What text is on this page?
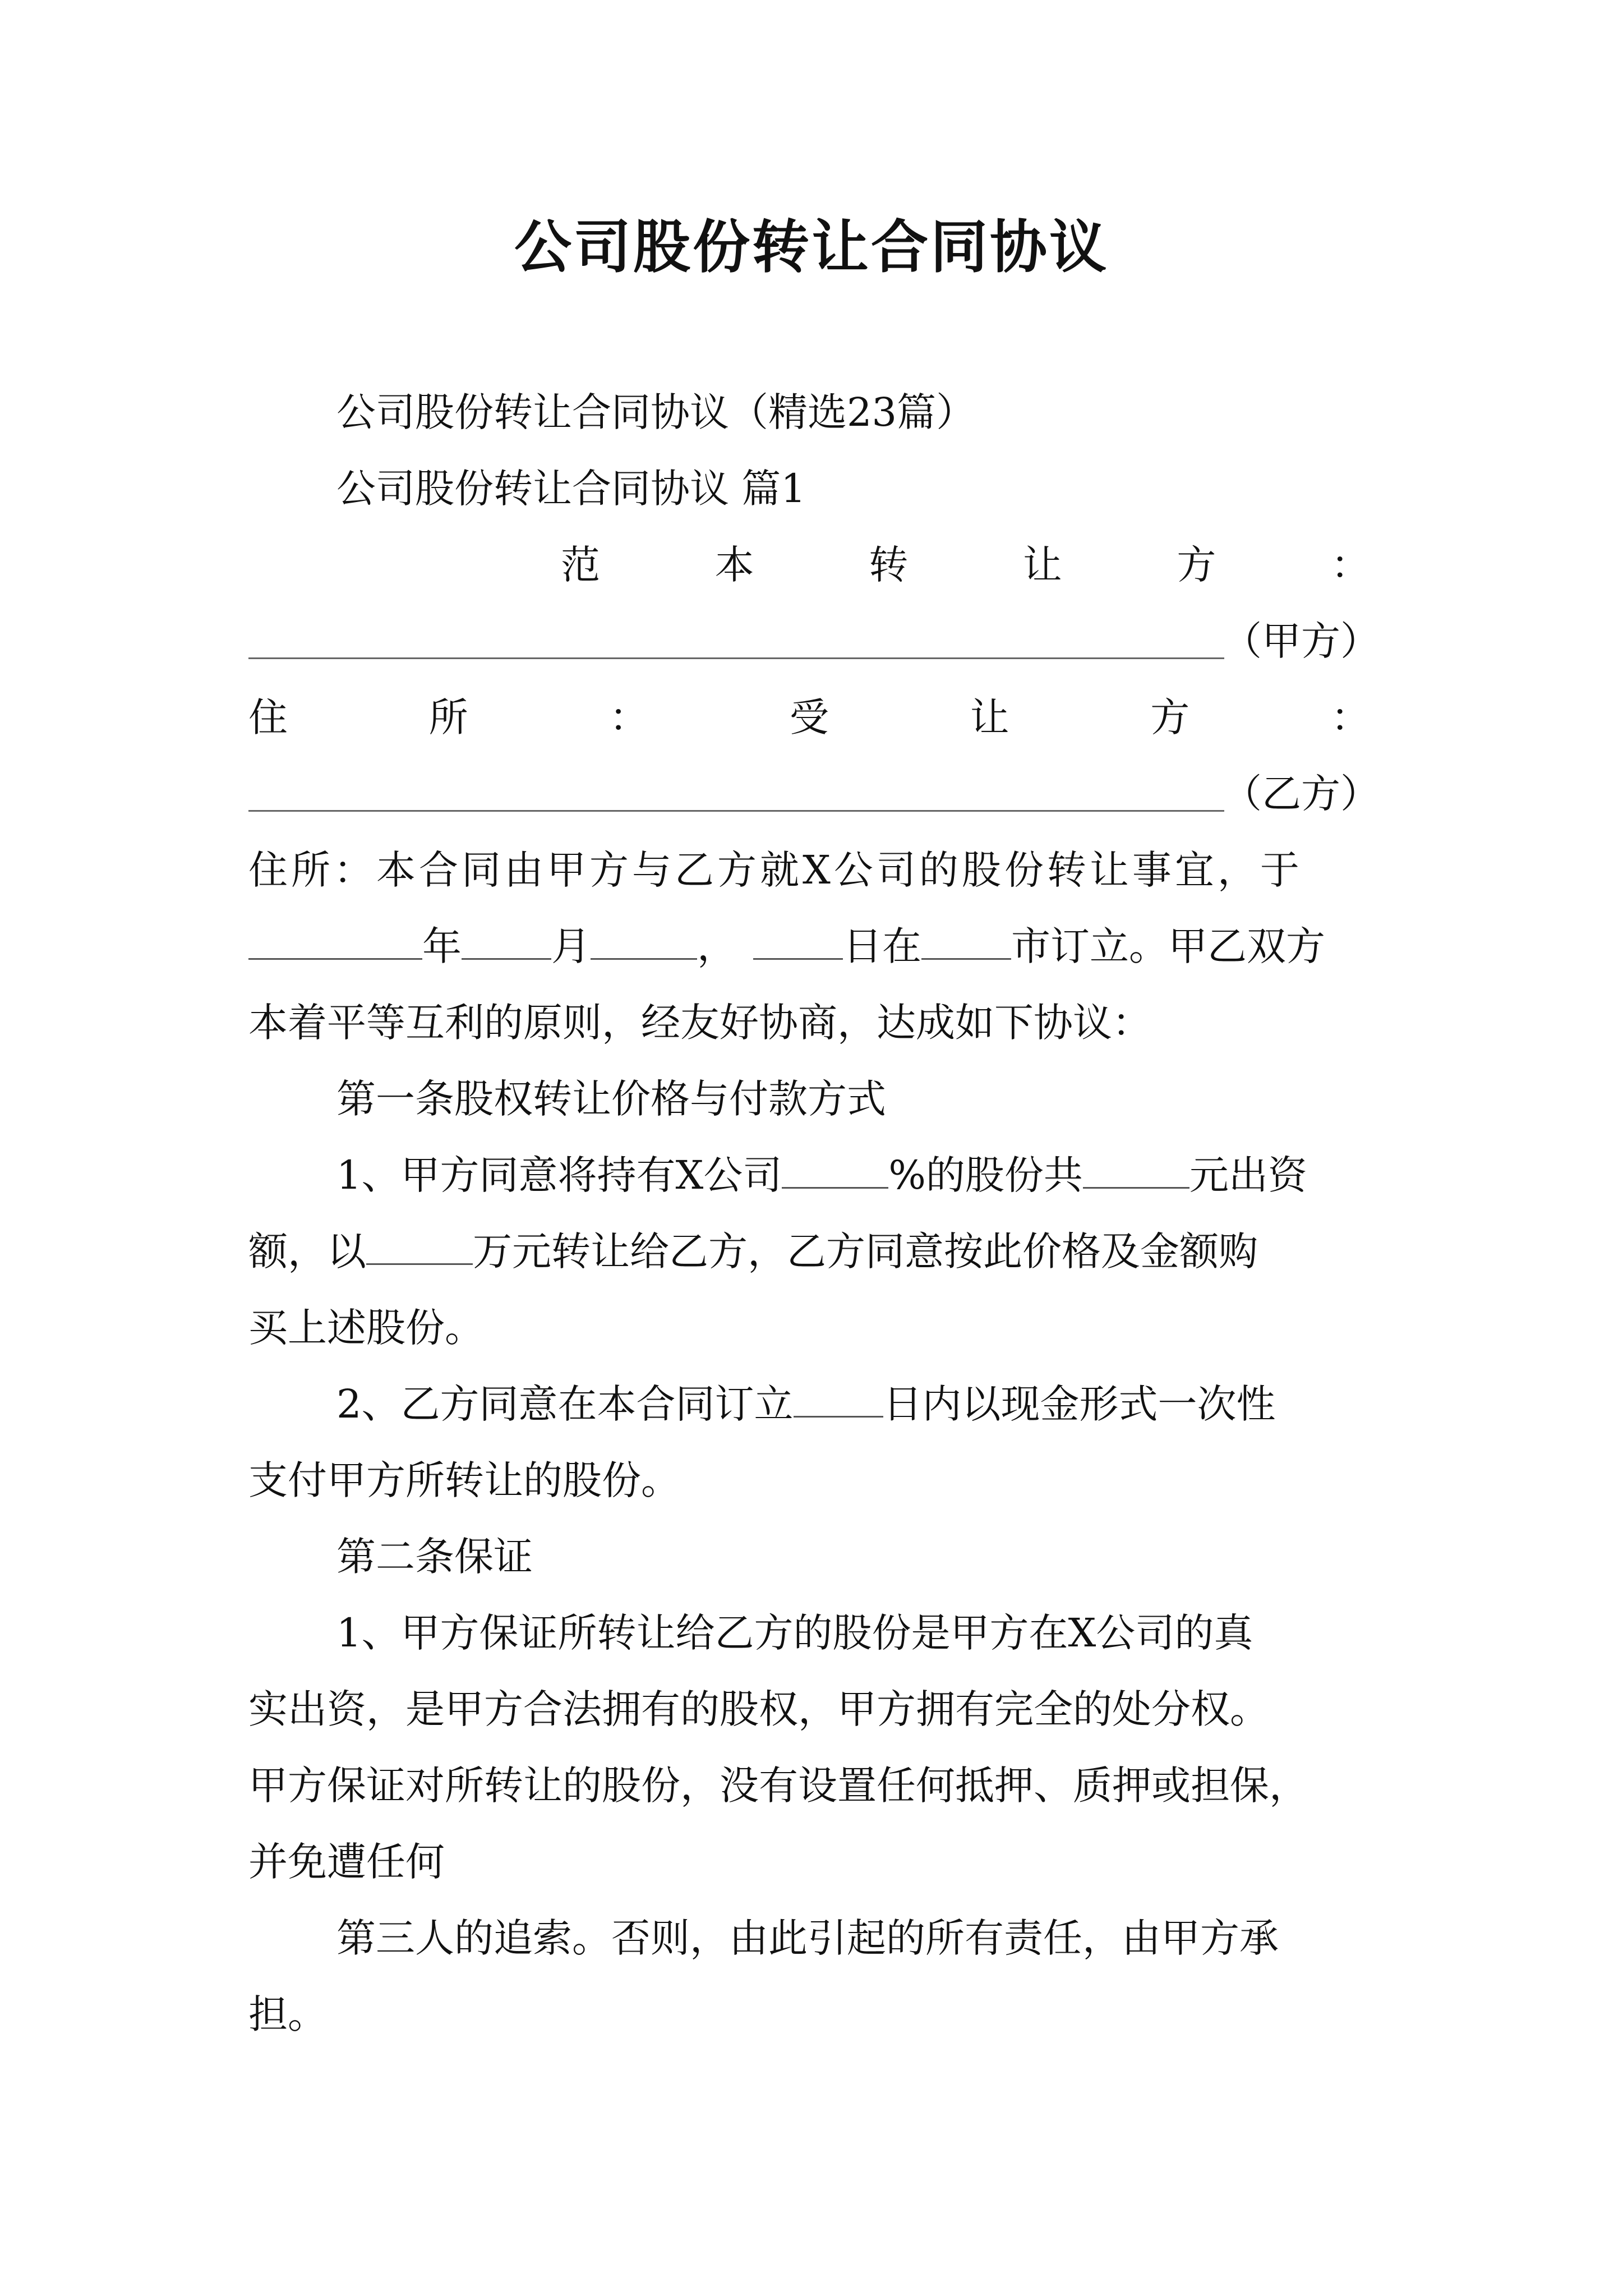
公司股份转让合同协议
公司股份转让合同协议（精选23篇）
公司股份转让合同协议 篇1
范	本	转	让	方	：
（甲方）
住	所	：	受	让	方	：
（乙方）
住所：本合同由甲方与乙方就X公司的股份转让事宜，于
年 月	，	日在 市订立。甲乙双方
本着平等互利的原则，经友好协商，达成如下协议：
第一条股权转让价格与付款方式
1、甲方同意将持有X公司	%的股份共	元出资
额，以	万元转让给乙方，乙方同意按此价格及金额购
买上述股份。
2、乙方同意在本合同订立 日内以现金形式一次性
支付甲方所转让的股份。
第二条保证
1、甲方保证所转让给乙方的股份是甲方在X公司的真
实出资，是甲方合法拥有的股权，甲方拥有完全的处分权。
甲方保证对所转让的股份，没有设置任何抵押、质押或担保，
并免遭任何
第三人的追索。否则，由此引起的所有责任，由甲方承
担。
